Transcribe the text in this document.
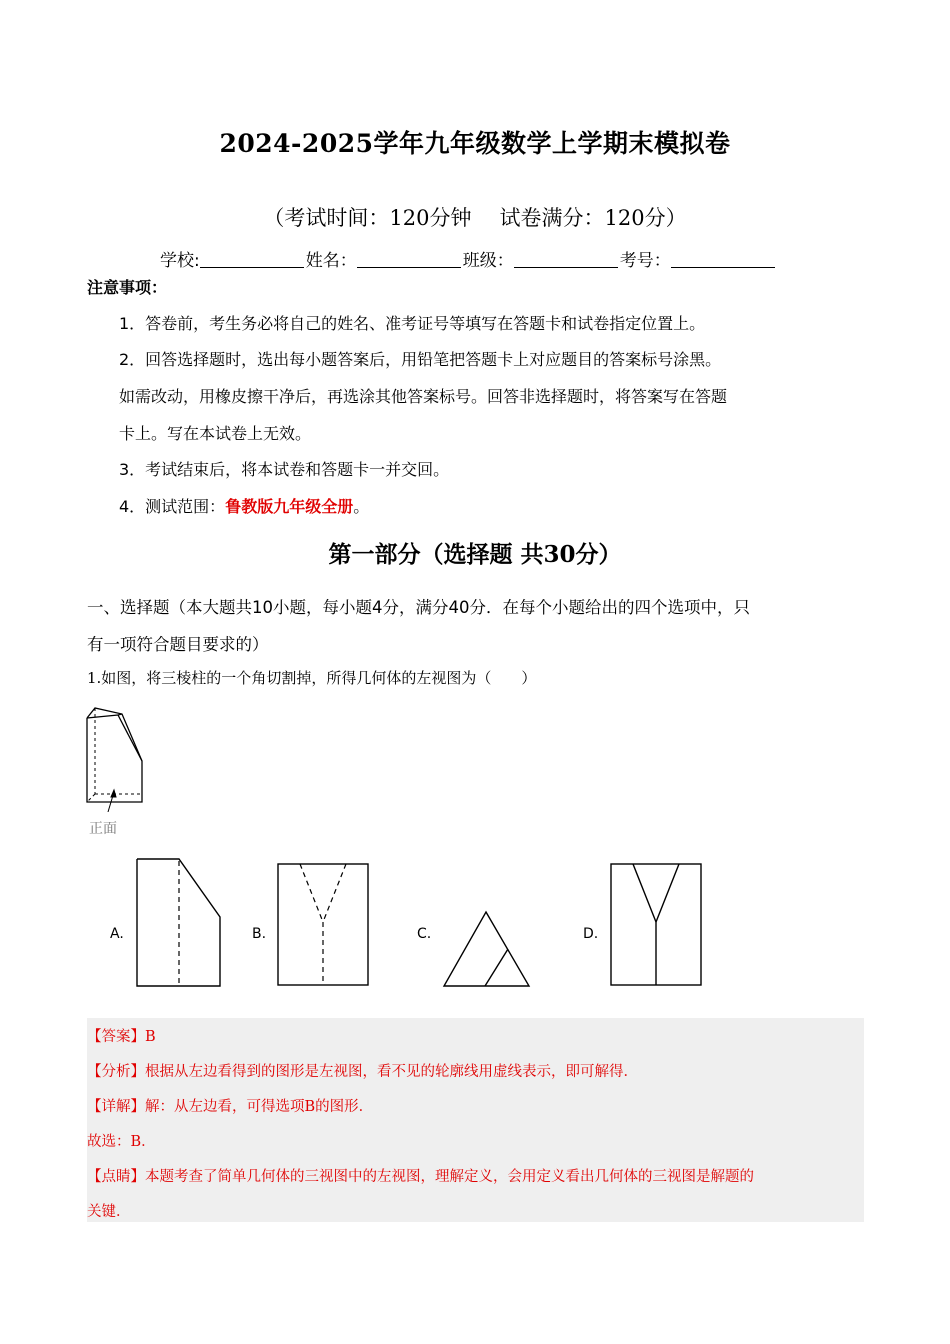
2024-2025学年九年级数学上学期末模拟卷
（考试时间：120分钟 试卷满分：120分）
学校:	姓名：	班级：	考号：
注意事项：
1．答卷前，考生务必将自己的姓名、准考证号等填写在答题卡和试卷指定位置上。
2．回答选择题时，选出每小题答案后，用铅笔把答题卡上对应题目的答案标号涂黑。
如需改动，用橡皮擦干净后，再选涂其他答案标号。回答非选择题时，将答案写在答题
卡上。写在本试卷上无效。
3．考试结束后，将本试卷和答题卡一并交回。
4．测试范围：鲁教版九年级全册。
第一部分（选择题 共30分）
一、选择题（本大题共10小题，每小题4分，满分40分．在每个小题给出的四个选项中，只
有一项符合题目要求的）
1.如图，将三棱柱的一个角切割掉，所得几何体的左视图为（　　）
正面
A.	B.	C.	D.
【答案】B
【分析】根据从左边看得到的图形是左视图，看不见的轮廓线用虚线表示，即可解得．
【详解】解：从左边看，可得选项B的图形．
故选：B．
【点睛】本题考查了简单几何体的三视图中的左视图，理解定义，会用定义看出几何体的三视图是解题的
关键．
